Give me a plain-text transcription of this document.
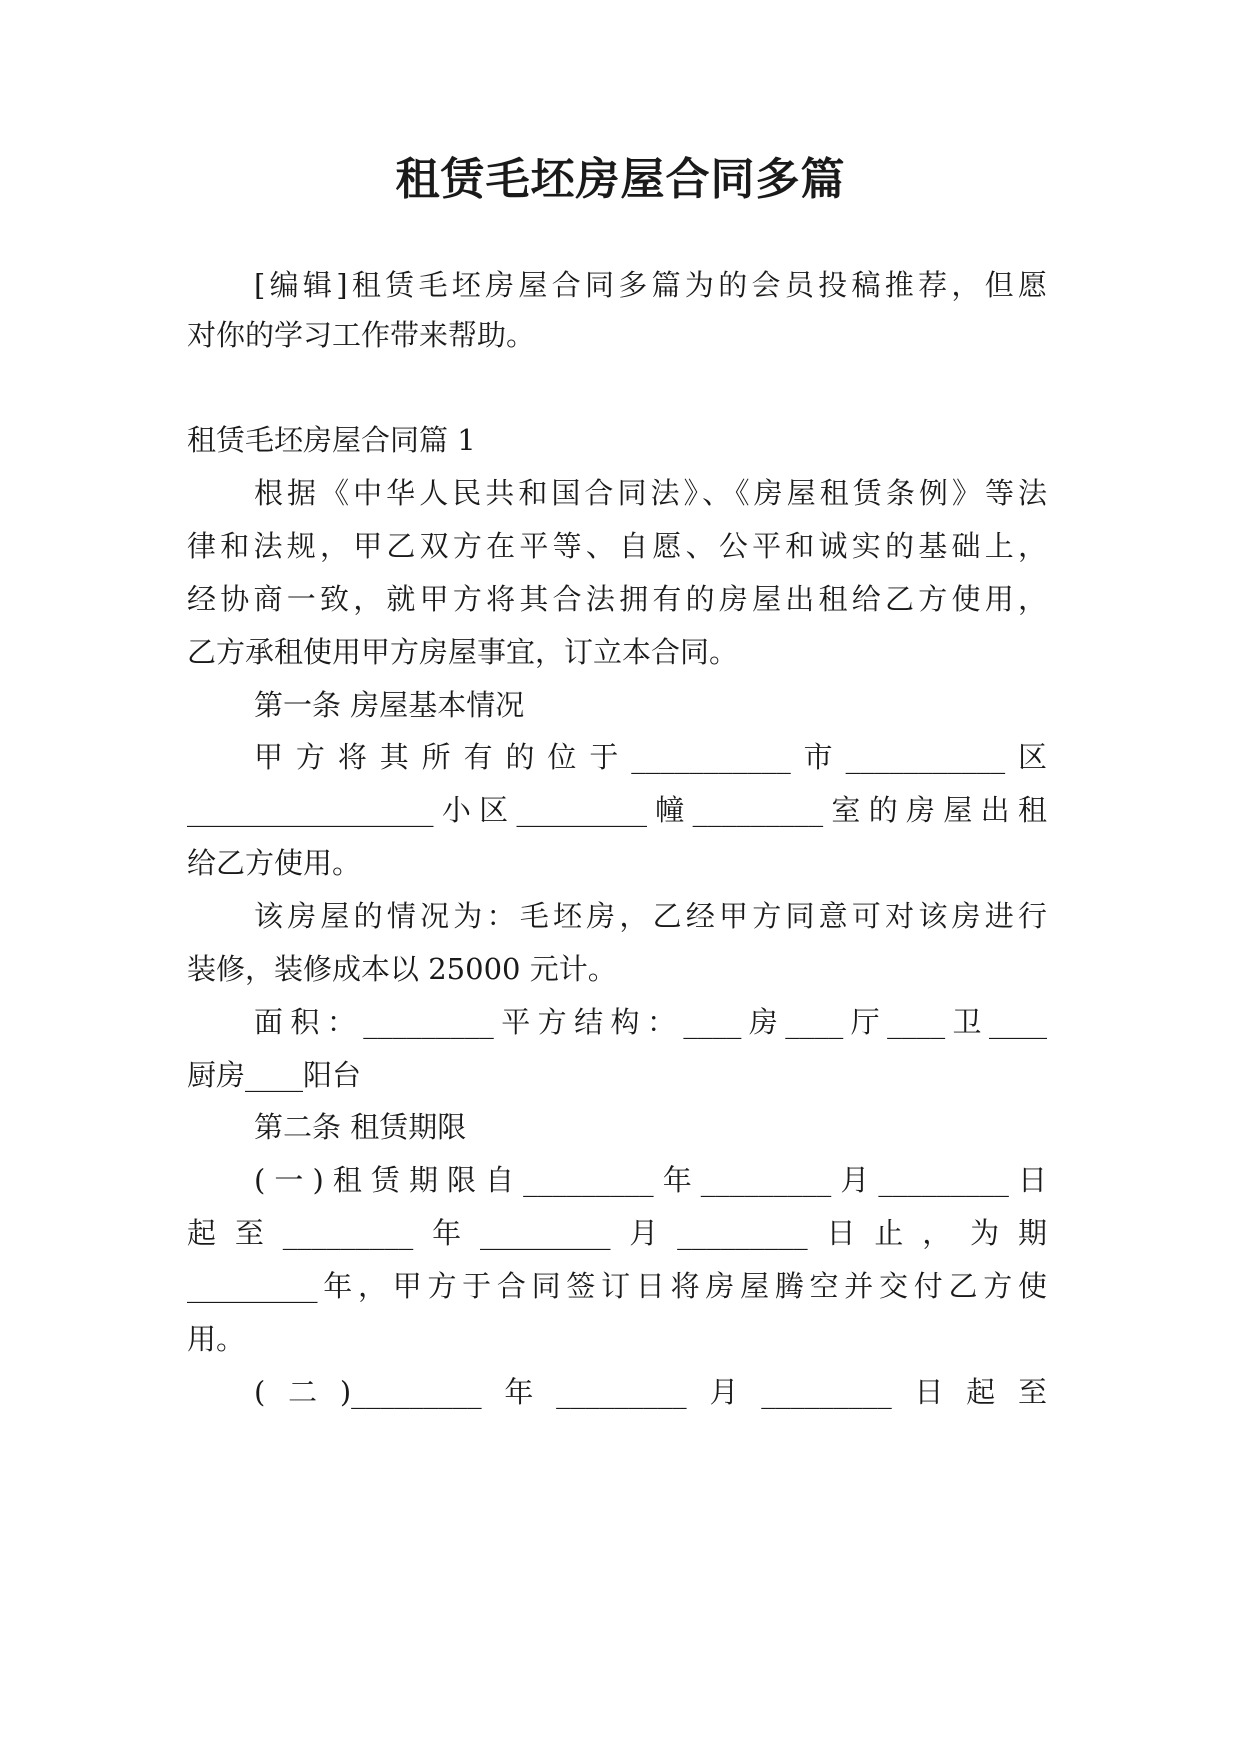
租赁毛坯房屋合同多篇
[编辑]租赁毛坯房屋合同多篇为的会员投稿推荐，但愿
对你的学习工作带来帮助。
租赁毛坯房屋合同篇 1
根据《中华人民共和国合同法》、《房屋租赁条例》等法
律和法规，甲乙双方在平等、自愿、公平和诚实的基础上，
经协商一致，就甲方将其合法拥有的房屋出租给乙方使用，
乙方承租使用甲方房屋事宜，订立本合同。
第一条 房屋基本情况
甲方将其所有的位于___________市___________区
_________________小区_________幢_________室的房屋出租
给乙方使用。
该房屋的情况为：毛坯房，乙经甲方同意可对该房进行
装修，装修成本以 25000 元计。
面积：_________平方结构：____房____厅____卫____
厨房____阳台
第二条 租赁期限
(一)租赁期限自_________年_________月_________日
起至_________年_________月_________日止，为期
_________年，甲方于合同签订日将房屋腾空并交付乙方使
用。
(二)_________年_________月_________日起至
